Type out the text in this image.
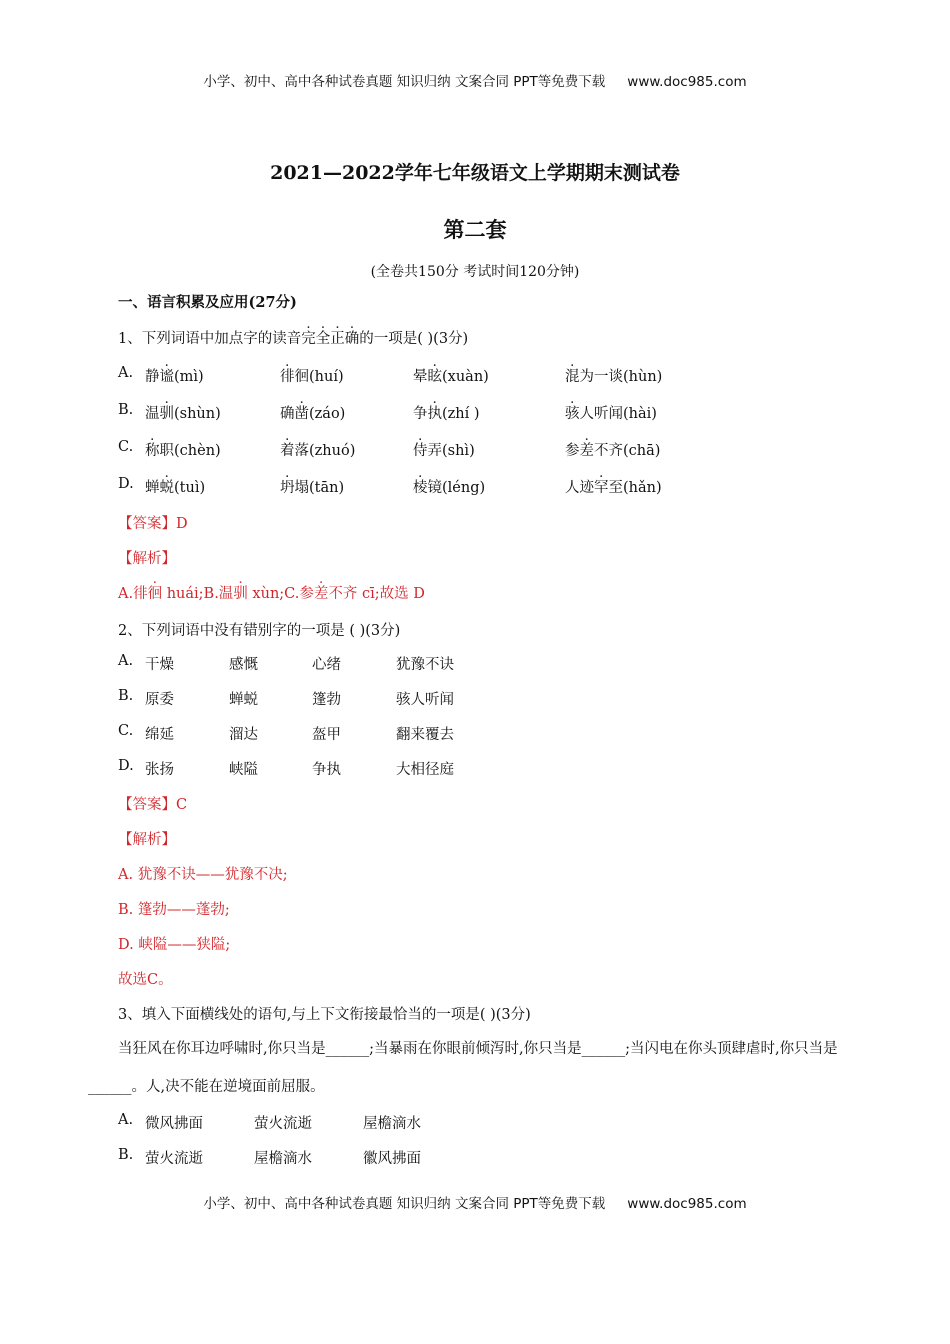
小学、初中、高中各种试卷真题 知识归纳 文案合同 PPT等免费下载 www.doc985.com
2021—2022学年七年级语文上学期期末测试卷
第二套
(全卷共150分 考试时间120分钟)
一、语言积累及应用(27分)
1、下列词语中加点字的读音完全正确的一项是( )(3分)
A. 静谧(mì)	徘徊(huí)	晕眩(xuàn)	混为一谈(hùn)
B. 温驯(shùn)	确凿(záo)	争执(zhí )	骇人听闻(hài)
C. 称职(chèn)	着落(zhuó)	侍弄(shì)	参差不齐(chā)
D. 蝉蜕(tuì)	坍塌(tān)	棱镜(léng)	人迹罕至(hǎn)
【答案】D
【解析】
A.徘徊 huái;B.温驯 xùn;C.参差不齐 cī;故选 D
2、下列词语中没有错别字的一项是 ( )(3分)
A. 干燥	感慨	心绪	犹豫不诀
B. 原委	蝉蜕	篷勃	骇人听闻
C. 绵延	溜达	盔甲	翻来覆去
D. 张扬	峡隘	争执	大相径庭
【答案】C
【解析】
A. 犹豫不诀——犹豫不决;
B. 篷勃——蓬勃;
D. 峡隘——狭隘;
故选C。
3、填入下面横线处的语句,与上下文衔接最恰当的一项是( )(3分)
当狂风在你耳边呼啸时,你只当是______;当暴雨在你眼前倾泻时,你只当是______;当闪电在你头顶肆虐时,你只当是______。人,决不能在逆境面前屈服。
A. 微风拂面	萤火流逝	屋檐滴水
B. 萤火流逝	屋檐滴水	徽风拂面
小学、初中、高中各种试卷真题 知识归纳 文案合同 PPT等免费下载 www.doc985.com
